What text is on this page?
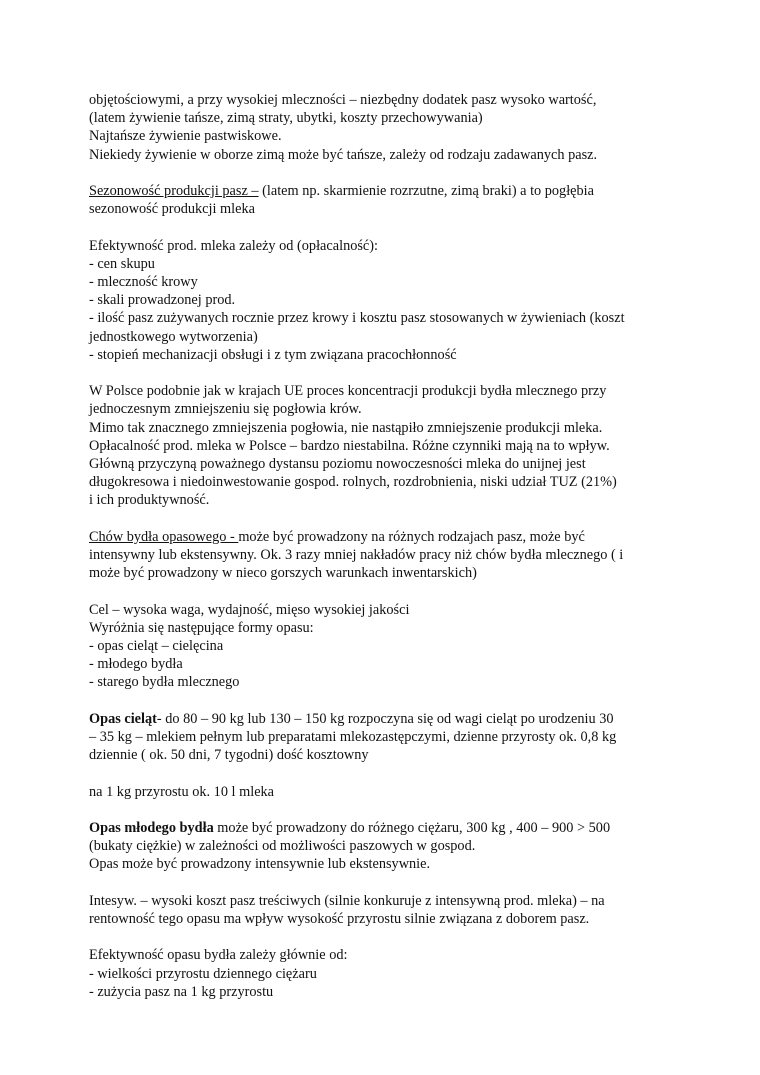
objętościowymi, a przy wysokiej mleczności – niezbędny dodatek pasz wysoko wartość,

(latem żywienie tańsze, zimą straty, ubytki, koszty przechowywania)

Najtańsze żywienie pastwiskowe.

Niekiedy żywienie w oborze zimą może być tańsze, zależy od rodzaju zadawanych pasz.

Sezonowość produkcji pasz – (latem np. skarmienie rozrzutne, zimą braki) a to pogłębia

sezonowość produkcji mleka

Efektywność prod. mleka zależy od (opłacalność):

- cen skupu

- mleczność krowy

- skali prowadzonej prod.

- ilość pasz zużywanych rocznie przez krowy i kosztu pasz stosowanych w żywieniach (koszt

jednostkowego wytworzenia)

- stopień mechanizacji obsługi i z tym związana pracochłonność

W Polsce podobnie jak w krajach UE proces koncentracji produkcji bydła mlecznego przy

jednoczesnym zmniejszeniu się pogłowia krów.

Mimo tak znacznego zmniejszenia pogłowia, nie nastąpiło zmniejszenie produkcji mleka.

Opłacalność prod. mleka w Polsce – bardzo niestabilna. Różne czynniki mają na to wpływ.

Główną przyczyną poważnego dystansu poziomu nowoczesności mleka do unijnej jest

długokresowa i niedoinwestowanie gospod. rolnych, rozdrobnienia, niski udział TUZ (21%)

i ich produktywność.

Chów bydła opasowego - może być prowadzony na różnych rodzajach pasz, może być

intensywny lub ekstensywny. Ok. 3 razy mniej nakładów pracy niż chów bydła mlecznego ( i

może być prowadzony w nieco gorszych warunkach inwentarskich)

Cel – wysoka waga, wydajność, mięso wysokiej jakości

Wyróżnia się następujące formy opasu:

- opas cieląt – cielęcina

- młodego bydła

- starego bydła mlecznego

Opas cieląt- do 80 – 90 kg lub 130 – 150 kg rozpoczyna się od wagi cieląt po urodzeniu 30

– 35 kg – mlekiem pełnym lub preparatami mlekozastępczymi, dzienne przyrosty ok. 0,8 kg

dziennie ( ok. 50 dni, 7 tygodni) dość kosztowny

na 1 kg przyrostu ok. 10 l mleka

Opas młodego bydła może być prowadzony do różnego ciężaru, 300 kg , 400 – 900 > 500

(bukaty ciężkie) w zależności od możliwości paszowych w gospod.

Opas może być prowadzony intensywnie lub ekstensywnie.

Intesyw. – wysoki koszt pasz treściwych (silnie konkuruje z intensywną prod. mleka) – na

rentowność tego opasu ma wpływ wysokość przyrostu silnie związana z doborem pasz.

Efektywność opasu bydła zależy głównie od:

- wielkości przyrostu dziennego ciężaru

- zużycia pasz na 1 kg przyrostu
